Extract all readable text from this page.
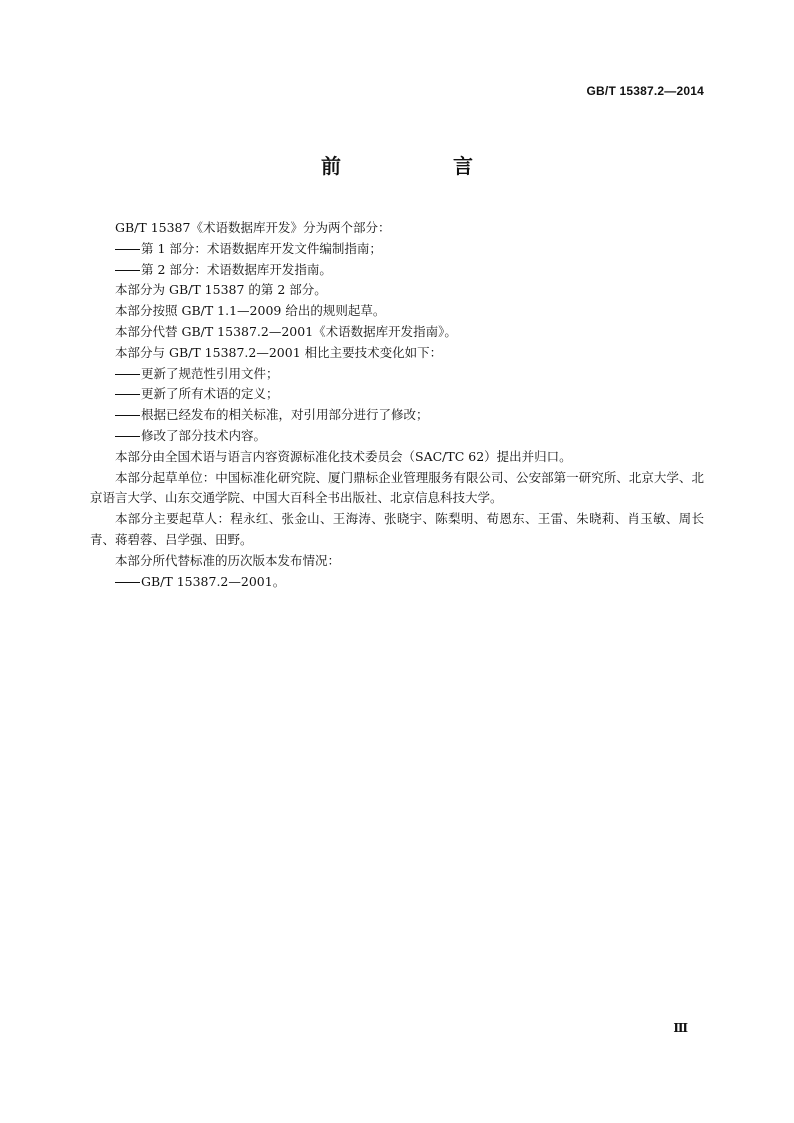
GB/T 15387.2—2014
前　言

GB/T 15387《术语数据库开发》分为两个部分：

第 1 部分：术语数据库开发文件编制指南；

第 2 部分：术语数据库开发指南。

本部分为 GB/T 15387 的第 2 部分。

本部分按照 GB/T 1.1—2009 给出的规则起草。

本部分代替 GB/T 15387.2—2001《术语数据库开发指南》。

本部分与 GB/T 15387.2—2001 相比主要技术变化如下：

更新了规范性引用文件；

更新了所有术语的定义；

根据已经发布的相关标准，对引用部分进行了修改；

修改了部分技术内容。

本部分由全国术语与语言内容资源标准化技术委员会（SAC/TC 62）提出并归口。

本部分起草单位：中国标准化研究院、厦门鼎标企业管理服务有限公司、公安部第一研究所、北京大学、北京语言大学、山东交通学院、中国大百科全书出版社、北京信息科技大学。

本部分主要起草人：程永红、张金山、王海涛、张晓宇、陈梨明、荀恩东、王雷、朱晓莉、肖玉敏、周长青、蒋碧蓉、吕学强、田野。

本部分所代替标准的历次版本发布情况：

GB/T 15387.2—2001。

Ⅲ
